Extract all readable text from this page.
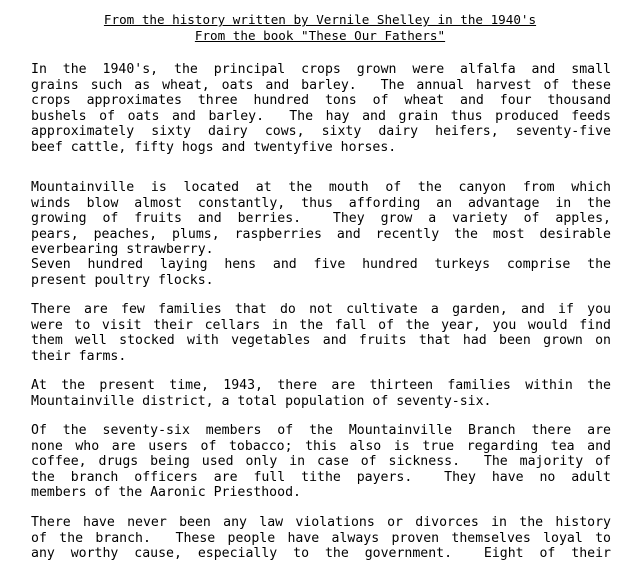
From the history written by Vernile Shelley in the 1940's
From the book "These Our Fathers"
In the 1940's, the principal crops grown were alfalfa and small
grains such as wheat, oats and barley.  The annual harvest of these
crops approximates three hundred tons of wheat and four thousand
bushels of oats and barley.  The hay and grain thus produced feeds
approximately sixty dairy cows, sixty dairy heifers, seventy-five
beef cattle, fifty hogs and twentyfive horses.
Mountainville is located at the mouth of the canyon from which
winds blow almost constantly, thus affording an advantage in the
growing of fruits and berries.  They grow a variety of apples,
pears, peaches, plums, raspberries and recently the most desirable
everbearing strawberry.
Seven hundred laying hens and five hundred turkeys comprise the
present poultry flocks.
There are few families that do not cultivate a garden, and if you
were to visit their cellars in the fall of the year, you would find
them well stocked with vegetables and fruits that had been grown on
their farms.
At the present time, 1943, there are thirteen families within the
Mountainville district, a total population of seventy-six.
Of the seventy-six members of the Mountainville Branch there are
none who are users of tobacco; this also is true regarding tea and
coffee, drugs being used only in case of sickness.  The majority of
the branch officers are full tithe payers.  They have no adult
members of the Aaronic Priesthood.
There have never been any law violations or divorces in the history
of the branch.  These people have always proven themselves loyal to
any worthy cause, especially to the government.  Eight of their
